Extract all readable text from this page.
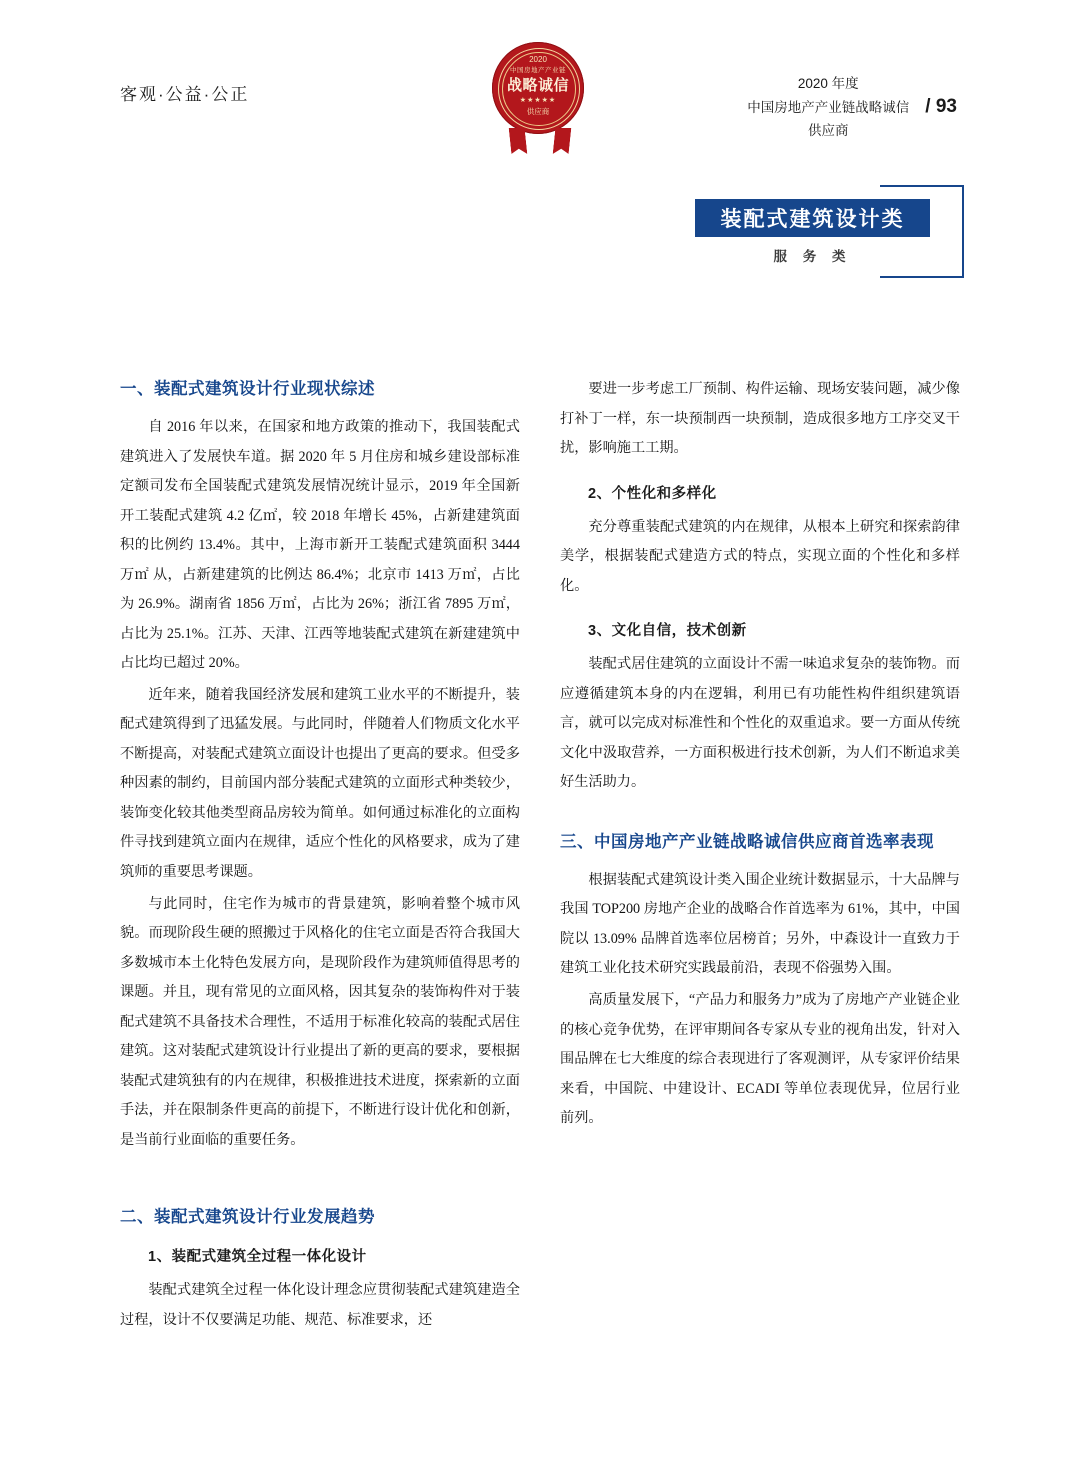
客观·公益·公正
2020
中国房地产产业链
战略诚信
★★★★★
供应商
2020 年度
中国房地产产业链战略诚信
供应商
/ 93
装配式建筑设计类
服 务 类
一、装配式建筑设计行业现状综述

自 2016 年以来，在国家和地方政策的推动下，我国装配式建筑进入了发展快车道。据 2020 年 5 月住房和城乡建设部标准定额司发布全国装配式建筑发展情况统计显示，2019 年全国新开工装配式建筑 4.2 亿㎡，较 2018 年增长 45%，占新建建筑面积的比例约 13.4%。其中，上海市新开工装配式建筑面积 3444 万㎡ 从，占新建建筑的比例达 86.4%；北京市 1413 万㎡，占比为 26.9%。湖南省 1856 万㎡，占比为 26%；浙江省 7895 万㎡，占比为 25.1%。江苏、天津、江西等地装配式建筑在新建建筑中占比均已超过 20%。

近年来，随着我国经济发展和建筑工业水平的不断提升，装配式建筑得到了迅猛发展。与此同时，伴随着人们物质文化水平不断提高，对装配式建筑立面设计也提出了更高的要求。但受多种因素的制约，目前国内部分装配式建筑的立面形式种类较少，装饰变化较其他类型商品房较为简单。如何通过标准化的立面构件寻找到建筑立面内在规律，适应个性化的风格要求，成为了建筑师的重要思考课题。

与此同时，住宅作为城市的背景建筑，影响着整个城市风貌。而现阶段生硬的照搬过于风格化的住宅立面是否符合我国大多数城市本土化特色发展方向，是现阶段作为建筑师值得思考的课题。并且，现有常见的立面风格，因其复杂的装饰构件对于装配式建筑不具备技术合理性，不适用于标准化较高的装配式居住建筑。这对装配式建筑设计行业提出了新的更高的要求，要根据装配式建筑独有的内在规律，积极推进技术进度，探索新的立面手法，并在限制条件更高的前提下，不断进行设计优化和创新，是当前行业面临的重要任务。

二、装配式建筑设计行业发展趋势
1、装配式建筑全过程一体化设计

装配式建筑全过程一体化设计理念应贯彻装配式建筑建造全过程，设计不仅要满足功能、规范、标准要求，还

要进一步考虑工厂预制、构件运输、现场安装问题，减少像打补丁一样，东一块预制西一块预制，造成很多地方工序交叉干扰，影响施工工期。

2、个性化和多样化

充分尊重装配式建筑的内在规律，从根本上研究和探索韵律美学，根据装配式建造方式的特点，实现立面的个性化和多样化。

3、文化自信，技术创新

装配式居住建筑的立面设计不需一味追求复杂的装饰物。而应遵循建筑本身的内在逻辑，利用已有功能性构件组织建筑语言，就可以完成对标准性和个性化的双重追求。要一方面从传统文化中汲取营养，一方面积极进行技术创新，为人们不断追求美好生活助力。

三、中国房地产产业链战略诚信供应商首选率表现

根据装配式建筑设计类入围企业统计数据显示，十大品牌与我国 TOP200 房地产企业的战略合作首选率为 61%，其中，中国院以 13.09% 品牌首选率位居榜首；另外，中森设计一直致力于建筑工业化技术研究实践最前沿，表现不俗强势入围。

高质量发展下，“产品力和服务力”成为了房地产产业链企业的核心竞争优势，在评审期间各专家从专业的视角出发，针对入围品牌在七大维度的综合表现进行了客观测评，从专家评价结果来看，中国院、中建设计、ECADI 等单位表现优异，位居行业前列。
